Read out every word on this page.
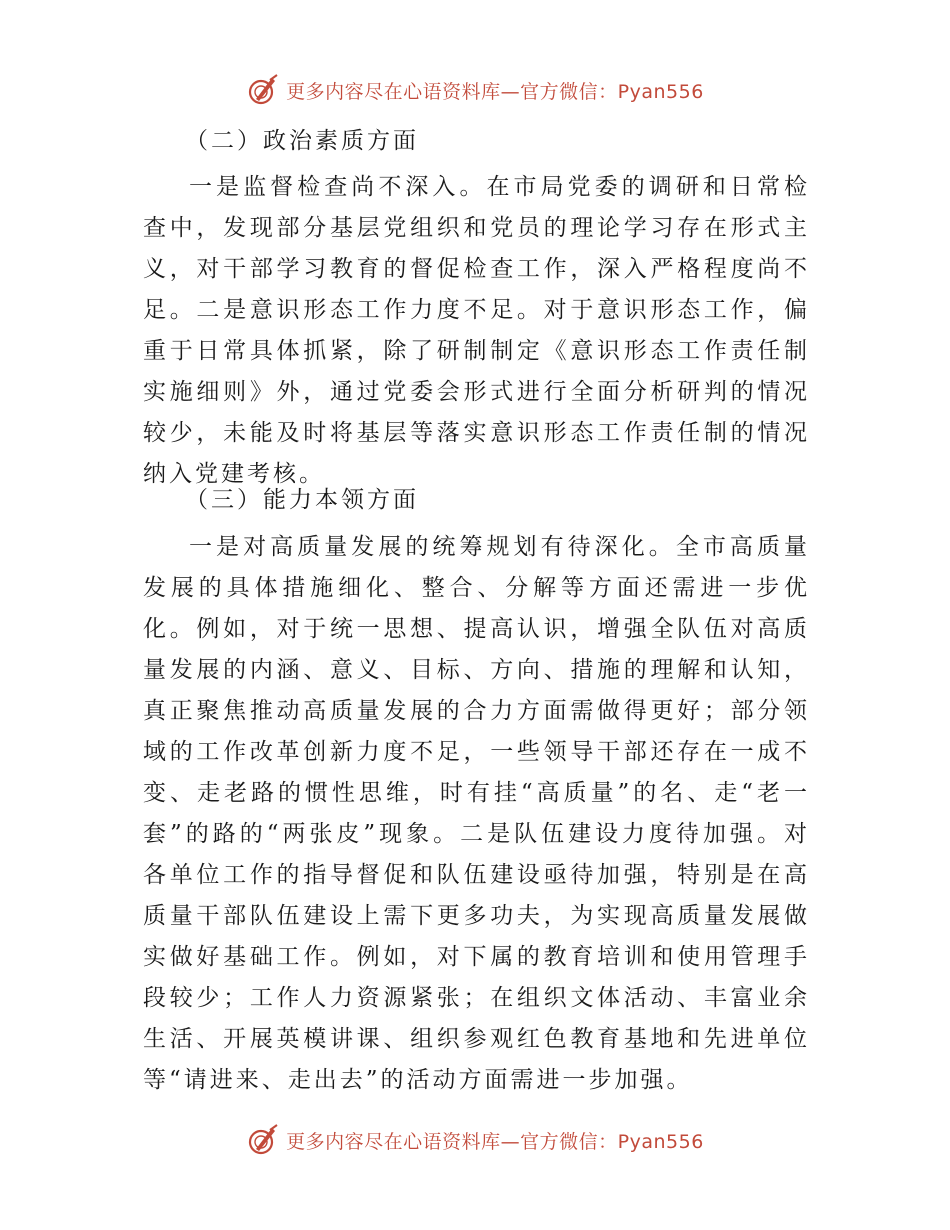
更多内容尽在心语资料库—官方微信：Pyan556
（二）政治素质方面

一是监督检查尚不深入。在市局党委的调研和日常检查中，发现部分基层党组织和党员的理论学习存在形式主义，对干部学习教育的督促检查工作，深入严格程度尚不足。二是意识形态工作力度不足。对于意识形态工作，偏重于日常具体抓紧，除了研制制定《意识形态工作责任制实施细则》外，通过党委会形式进行全面分析研判的情况较少，未能及时将基层等落实意识形态工作责任制的情况纳入党建考核。

（三）能力本领方面

一是对高质量发展的统筹规划有待深化。全市高质量发展的具体措施细化、整合、分解等方面还需进一步优化。例如，对于统一思想、提高认识，增强全队伍对高质量发展的内涵、意义、目标、方向、措施的理解和认知，真正聚焦推动高质量发展的合力方面需做得更好；部分领域的工作改革创新力度不足，一些领导干部还存在一成不变、走老路的惯性思维，时有挂“高质量”的名、走“老一套”的路的“两张皮”现象。二是队伍建设力度待加强。对各单位工作的指导督促和队伍建设亟待加强，特别是在高质量干部队伍建设上需下更多功夫，为实现高质量发展做实做好基础工作。例如，对下属的教育培训和使用管理手段较少；工作人力资源紧张；在组织文体活动、丰富业余生活、开展英模讲课、组织参观红色教育基地和先进单位等“请进来、走出去”的活动方面需进一步加强。

更多内容尽在心语资料库—官方微信：Pyan556
